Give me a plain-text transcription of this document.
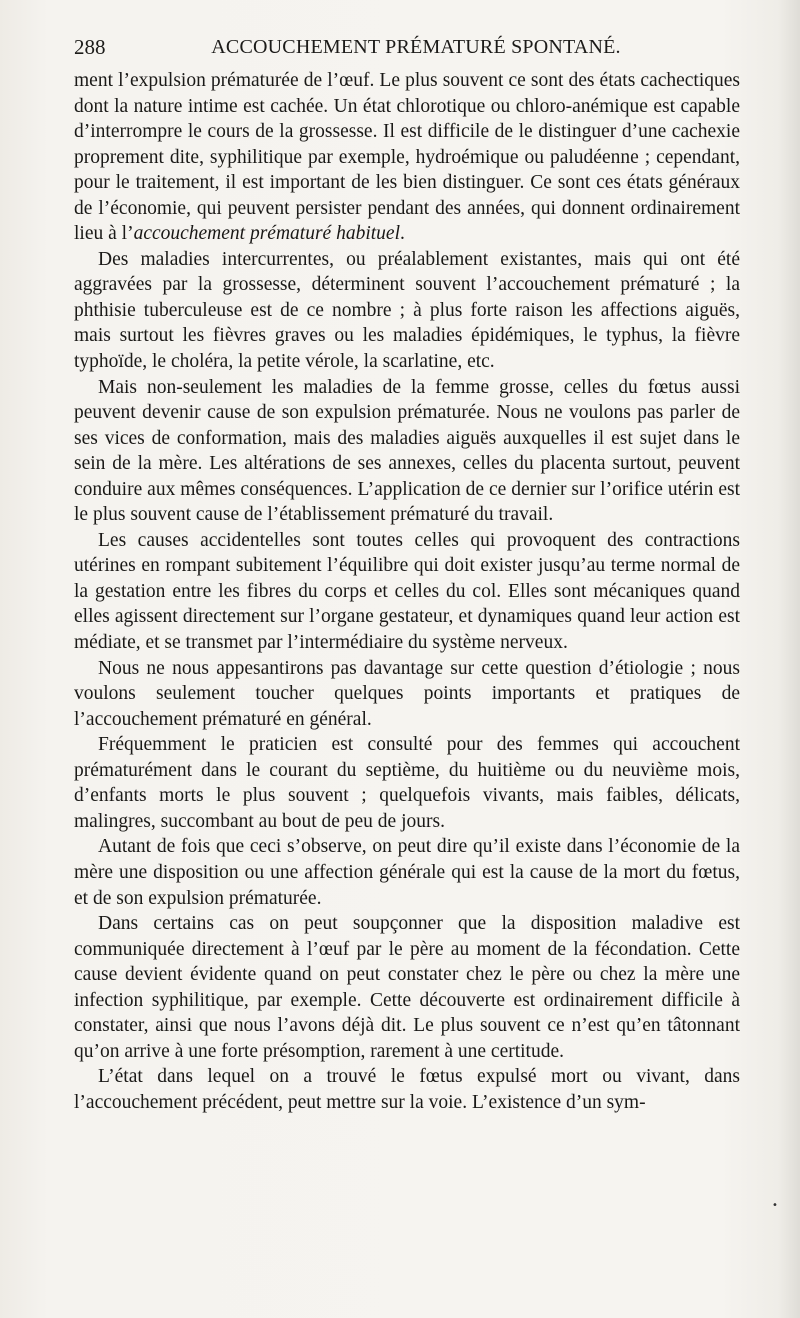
288	ACCOUCHEMENT PRÉMATURÉ SPONTANÉ.

ment l’expulsion prématurée de l’œuf. Le plus souvent ce sont des états cachectiques dont la nature intime est cachée. Un état chlorotique ou chloro-anémique est capable d’interrompre le cours de la grossesse. Il est difficile de le distinguer d’une cachexie proprement dite, syphilitique par exemple, hydroémique ou paludéenne ; cependant, pour le traitement, il est important de les bien distinguer. Ce sont ces états généraux de l’économie, qui peuvent persister pendant des années, qui donnent ordinairement lieu à l’accouchement prématuré habituel.

Des maladies intercurrentes, ou préalablement existantes, mais qui ont été aggravées par la grossesse, déterminent souvent l’accouchement prématuré ; la phthisie tuberculeuse est de ce nombre ; à plus forte raison les affections aiguës, mais surtout les fièvres graves ou les maladies épidémiques, le typhus, la fièvre typhoïde, le choléra, la petite vérole, la scarlatine, etc.

Mais non-seulement les maladies de la femme grosse, celles du fœtus aussi peuvent devenir cause de son expulsion prématurée. Nous ne voulons pas parler de ses vices de conformation, mais des maladies aiguës auxquelles il est sujet dans le sein de la mère. Les altérations de ses annexes, celles du placenta surtout, peuvent conduire aux mêmes conséquences. L’application de ce dernier sur l’orifice utérin est le plus souvent cause de l’établissement prématuré du travail.

Les causes accidentelles sont toutes celles qui provoquent des contractions utérines en rompant subitement l’équilibre qui doit exister jusqu’au terme normal de la gestation entre les fibres du corps et celles du col. Elles sont mécaniques quand elles agissent directement sur l’organe gestateur, et dynamiques quand leur action est médiate, et se transmet par l’intermédiaire du système nerveux.

Nous ne nous appesantirons pas davantage sur cette question d’étiologie ; nous voulons seulement toucher quelques points importants et pratiques de l’accouchement prématuré en général.

Fréquemment le praticien est consulté pour des femmes qui accouchent prématurément dans le courant du septième, du huitième ou du neuvième mois, d’enfants morts le plus souvent ; quelquefois vivants, mais faibles, délicats, malingres, succombant au bout de peu de jours.

Autant de fois que ceci s’observe, on peut dire qu’il existe dans l’économie de la mère une disposition ou une affection générale qui est la cause de la mort du fœtus, et de son expulsion prématurée.

Dans certains cas on peut soupçonner que la disposition maladive est communiquée directement à l’œuf par le père au moment de la fécondation. Cette cause devient évidente quand on peut constater chez le père ou chez la mère une infection syphilitique, par exemple. Cette découverte est ordinairement difficile à constater, ainsi que nous l’avons déjà dit. Le plus souvent ce n’est qu’en tâtonnant qu’on arrive à une forte présomption, rarement à une certitude.

L’état dans lequel on a trouvé le fœtus expulsé mort ou vivant, dans l’accouchement précédent, peut mettre sur la voie. L’existence d’un sym-

•
